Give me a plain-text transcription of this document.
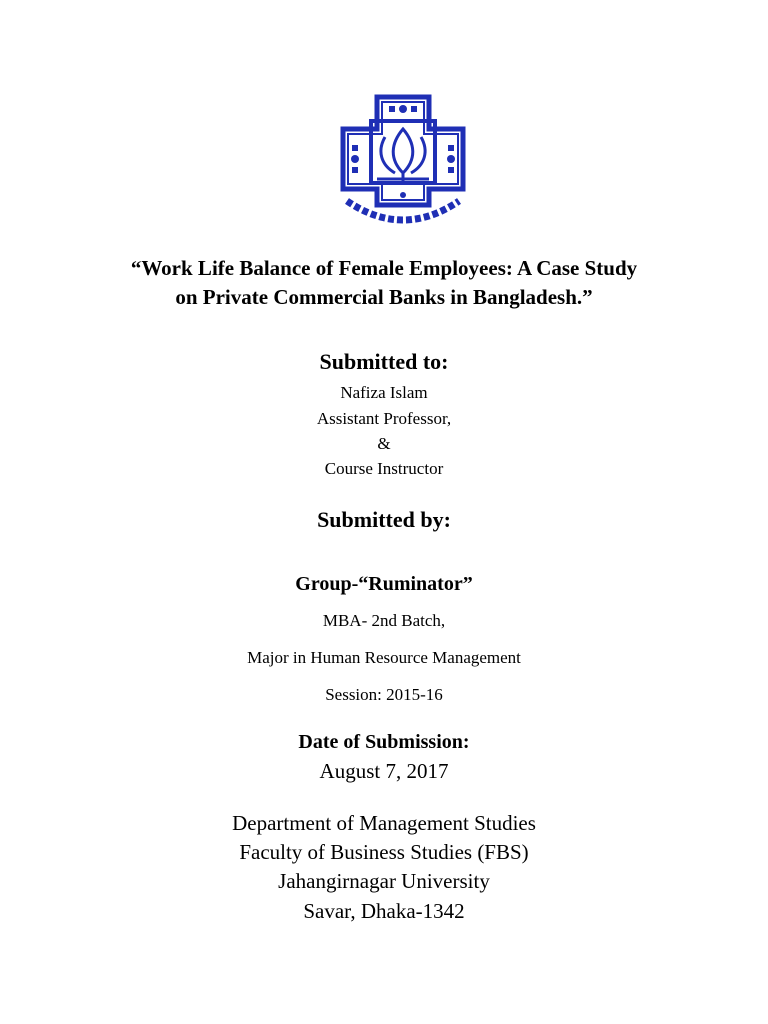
“Work Life Balance of Female Employees: A Case Study
on Private Commercial Banks in Bangladesh.”
Submitted to:
Nafiza Islam
Assistant Professor,
&
Course Instructor
Submitted by:
Group-“Ruminator”
MBA- 2nd Batch,
Major in Human Resource Management
Session: 2015-16
Date of Submission:
August 7, 2017
Department of Management Studies
Faculty of Business Studies (FBS)
Jahangirnagar University
Savar, Dhaka-1342
